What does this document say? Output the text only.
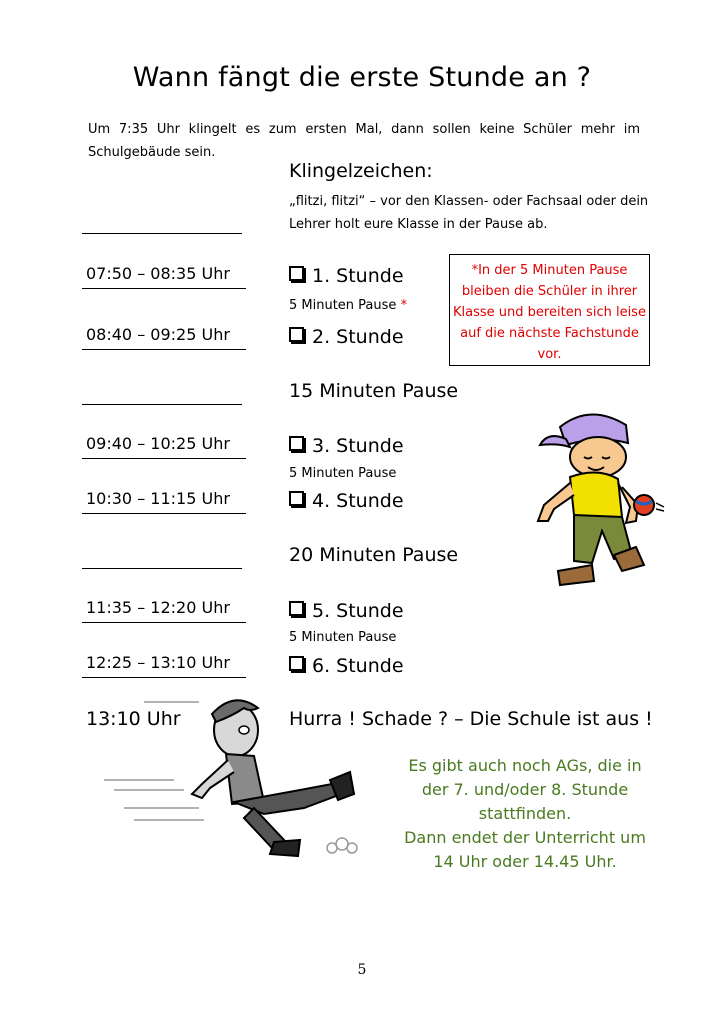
Wann fängt die erste Stunde an ?
Um 7:35 Uhr klingelt es zum ersten Mal, dann sollen keine Schüler mehr im Schulgebäude sein.
Klingelzeichen:
„flitzi, flitzi“ – vor den Klassen- oder Fachsaal oder dein Lehrer holt eure Klasse in der Pause ab.
07:50 – 08:35 Uhr	1. Stunde
5 Minuten Pause *
08:40 – 09:25 Uhr	2. Stunde
*In der 5 Minuten Pause bleiben die Schüler in ihrer Klasse und bereiten sich leise auf die nächste Fachstunde vor.
15 Minuten Pause
09:40 – 10:25 Uhr	3. Stunde
5 Minuten Pause
10:30 – 11:15 Uhr	4. Stunde
20 Minuten Pause
11:35 – 12:20 Uhr	5. Stunde
5 Minuten Pause
12:25 – 13:10 Uhr	6. Stunde
13:10 Uhr	Hurra ! Schade ? – Die Schule ist aus !
Es gibt auch noch AGs, die in
der 7. und/oder 8. Stunde
stattfinden.
Dann endet der Unterricht um
14 Uhr oder 14.45 Uhr.
5
